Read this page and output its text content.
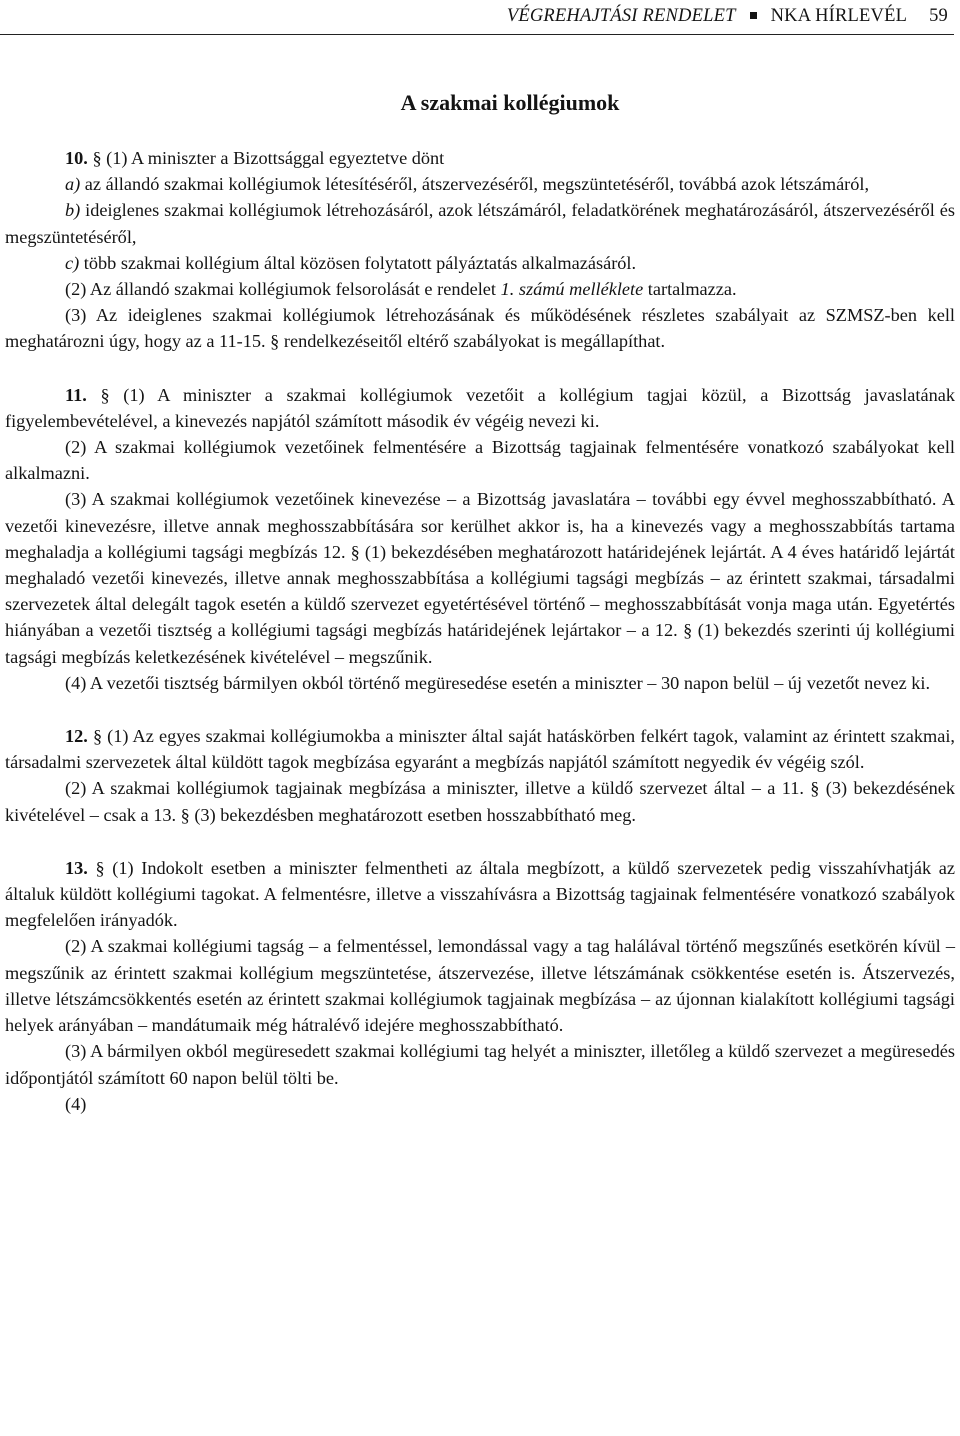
VÉGREHAJTÁSI RENDELET NKA HÍRLEVÉL 59
A szakmai kollégiumok

10. § (1) A miniszter a Bizottsággal egyeztetve dönt

a) az állandó szakmai kollégiumok létesítéséről, átszervezéséről, megszüntetéséről, továbbá azok létszámáról,

b) ideiglenes szakmai kollégiumok létrehozásáról, azok létszámáról, feladatkörének meghatározásáról, átszervezéséről és megszüntetéséről,

c) több szakmai kollégium által közösen folytatott pályáztatás alkalmazásáról.

(2) Az állandó szakmai kollégiumok felsorolását e rendelet 1. számú melléklete tartalmazza.

(3) Az ideiglenes szakmai kollégiumok létrehozásának és működésének részletes szabályait az SZMSZ-ben kell meghatározni úgy, hogy az a 11-15. § rendelkezéseitől eltérő szabályokat is megállapíthat.

11. § (1) A miniszter a szakmai kollégiumok vezetőit a kollégium tagjai közül, a Bizottság javaslatának figyelembevételével, a kinevezés napjától számított második év végéig nevezi ki.

(2) A szakmai kollégiumok vezetőinek felmentésére a Bizottság tagjainak felmentésére vonatkozó szabályokat kell alkalmazni.

(3) A szakmai kollégiumok vezetőinek kinevezése – a Bizottság javaslatára – további egy évvel meghosszabbítható. A vezetői kinevezésre, illetve annak meghosszabbítására sor kerülhet akkor is, ha a kinevezés vagy a meghosszabbítás tartama meghaladja a kollégiumi tagsági megbízás 12. § (1) bekezdésében meghatározott határidejének lejártát. A 4 éves határidő lejártát meghaladó vezetői kinevezés, illetve annak meghosszabbítása a kollégiumi tagsági megbízás – az érintett szakmai, társadalmi szervezetek által delegált tagok esetén a küldő szervezet egyetértésével történő – meghosszabbítását vonja maga után. Egyetértés hiányában a vezetői tisztség a kollégiumi tagsági megbízás határidejének lejártakor – a 12. § (1) bekezdés szerinti új kollégiumi tagsági megbízás keletkezésének kivételével – megszűnik.

(4) A vezetői tisztség bármilyen okból történő megüresedése esetén a miniszter – 30 napon belül – új vezetőt nevez ki.

12. § (1) Az egyes szakmai kollégiumokba a miniszter által saját hatáskörben felkért tagok, valamint az érintett szakmai, társadalmi szervezetek által küldött tagok megbízása egyaránt a megbízás napjától számított negyedik év végéig szól.

(2) A szakmai kollégiumok tagjainak megbízása a miniszter, illetve a küldő szervezet által – a 11. § (3) bekezdésének kivételével – csak a 13. § (3) bekezdésben meghatározott esetben hosszabbítható meg.

13. § (1) Indokolt esetben a miniszter felmentheti az általa megbízott, a küldő szervezetek pedig visszahívhatják az általuk küldött kollégiumi tagokat. A felmentésre, illetve a visszahívásra a Bizottság tagjainak felmentésére vonatkozó szabályok megfelelően irányadók.

(2) A szakmai kollégiumi tagság – a felmentéssel, lemondással vagy a tag halálával történő megszűnés esetkörén kívül – megszűnik az érintett szakmai kollégium megszüntetése, átszervezése, illetve létszámának csökkentése esetén is. Átszervezés, illetve létszámcsökkentés esetén az érintett szakmai kollégiumok tagjainak megbízása – az újonnan kialakított kollégiumi tagsági helyek arányában – mandátumaik még hátralévő idejére meghosszabbítható.

(3) A bármilyen okból megüresedett szakmai kollégiumi tag helyét a miniszter, illetőleg a küldő szervezet a megüresedés időpontjától számított 60 napon belül tölti be.

(4)
